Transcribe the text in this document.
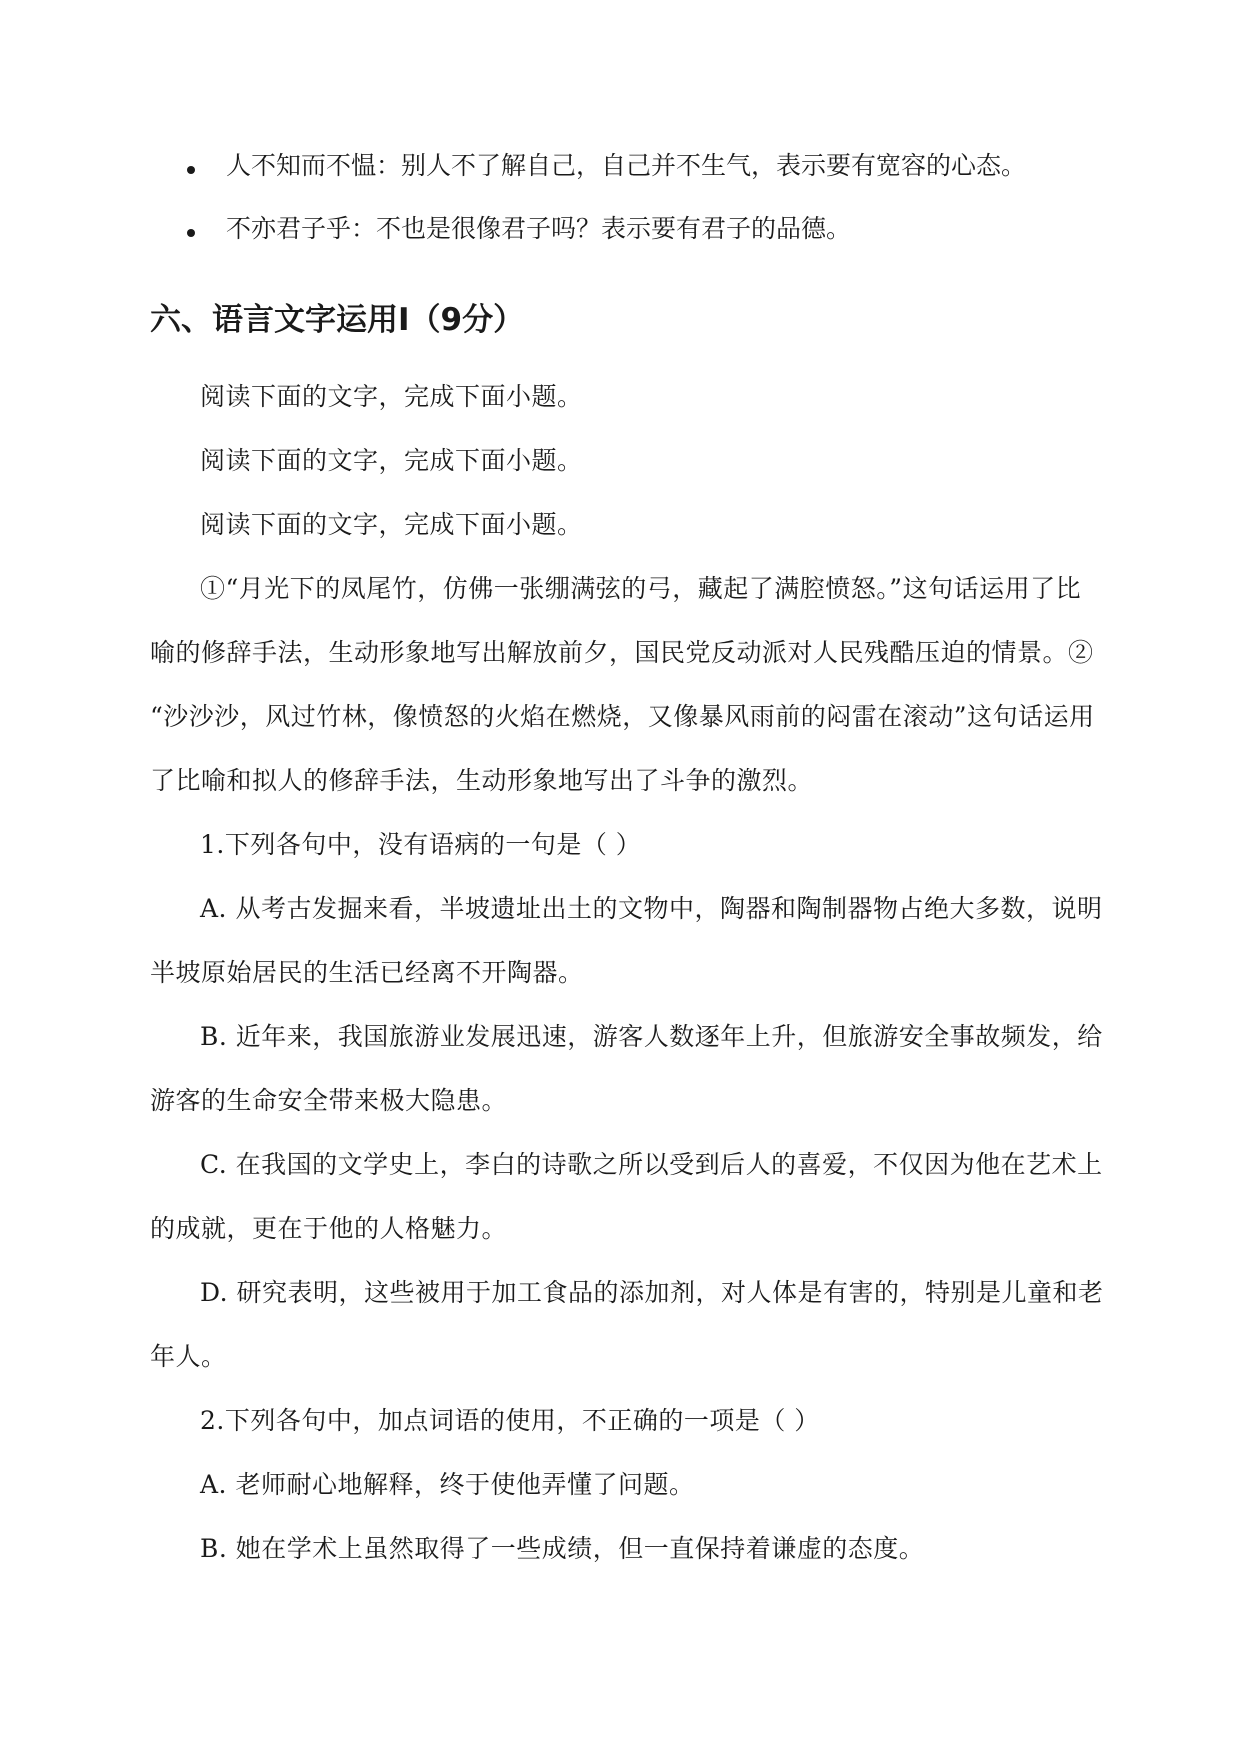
人不知而不愠：别人不了解自己，自己并不生气，表示要有宽容的心态。
不亦君子乎：不也是很像君子吗？表示要有君子的品德。
六、语言文字运用Ⅰ（9分）
阅读下面的文字，完成下面小题。
阅读下面的文字，完成下面小题。
阅读下面的文字，完成下面小题。
①“月光下的凤尾竹，仿佛一张绷满弦的弓，藏起了满腔愤怒。”这句话运用了比
喻的修辞手法，生动形象地写出解放前夕，国民党反动派对人民残酷压迫的情景。②
“沙沙沙，风过竹林，像愤怒的火焰在燃烧，又像暴风雨前的闷雷在滚动”这句话运用
了比喻和拟人的修辞手法，生动形象地写出了斗争的激烈。
1.下列各句中，没有语病的一句是（ ）
A. 从考古发掘来看，半坡遗址出土的文物中，陶器和陶制器物占绝大多数，说明
半坡原始居民的生活已经离不开陶器。
B. 近年来，我国旅游业发展迅速，游客人数逐年上升，但旅游安全事故频发，给
游客的生命安全带来极大隐患。
C. 在我国的文学史上，李白的诗歌之所以受到后人的喜爱，不仅因为他在艺术上
的成就，更在于他的人格魅力。
D. 研究表明，这些被用于加工食品的添加剂，对人体是有害的，特别是儿童和老
年人。
2.下列各句中，加点词语的使用，不正确的一项是（ ）
A. 老师耐心地解释，终于使他弄懂了问题。
B. 她在学术上虽然取得了一些成绩，但一直保持着谦虚的态度。
